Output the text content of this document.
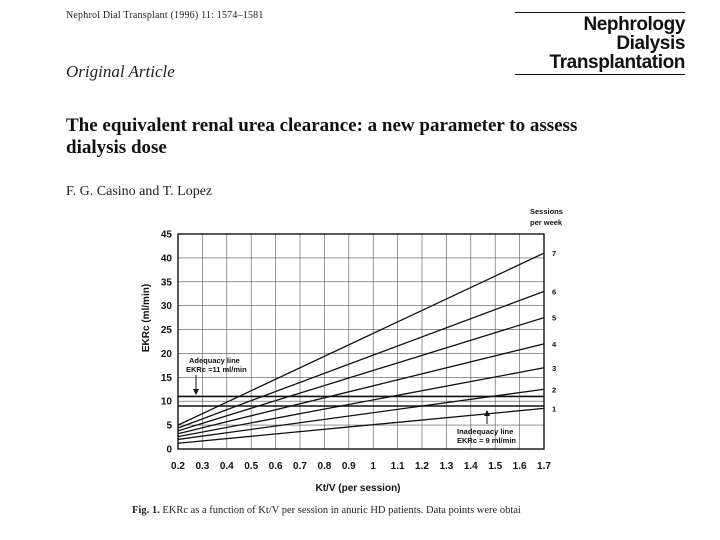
Nephrol Dial Transplant (1996) 11: 1574–1581	Nephrology
Dialysis
Transplantation
Original Article
The equivalent renal urea clearance: a new parameter to assess dialysis dose
F. G. Casino and T. Lopez
0.2 0.3 0.4 0.5 0.6 0.7 0.8 0.9 1 1.1 1.2 1.3 1.4 1.5 1.6 1.7
0
5
10
15
20
25
30
35
40
45
1
2
3
4
5
6
7
Kt/V (per session)
EKRc (ml/min)
Sessions
per week
Adequacy line
EKRc =11 ml/min
Inadequacy line
EKRc = 9 ml/min
Fig. 1. EKRc as a function of Kt/V per session in anuric HD patients. Data points were obtai
